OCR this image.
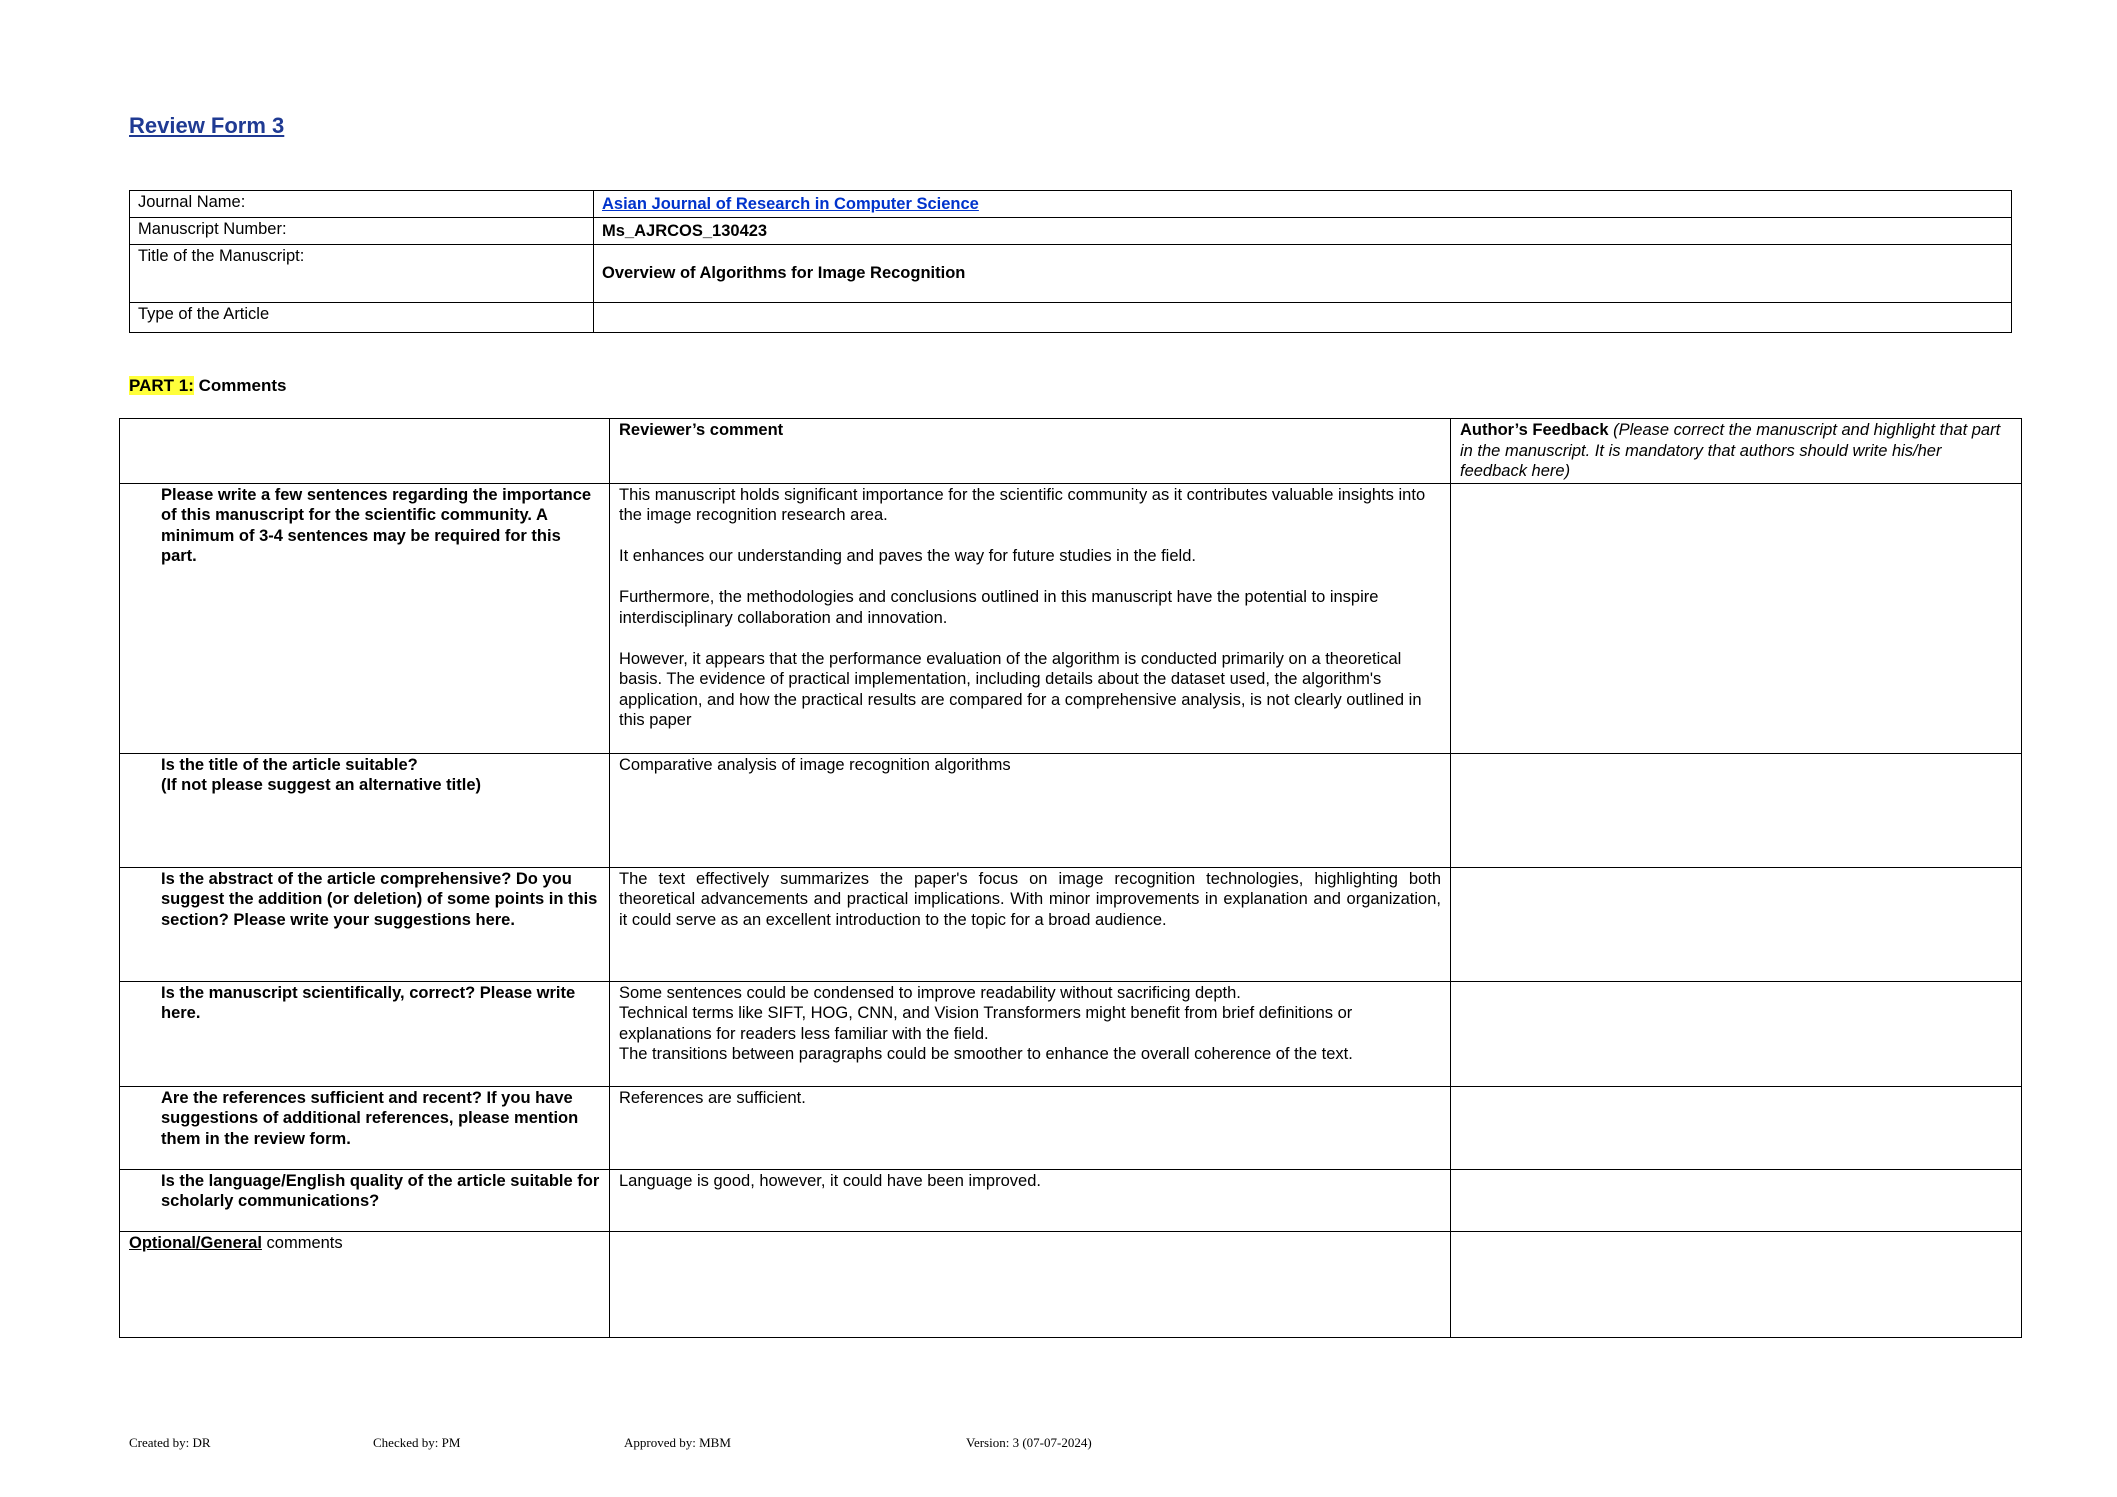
Review Form 3
Journal Name:	Asian Journal of Research in Computer Science
Manuscript Number:	Ms_AJRCOS_130423
Title of the Manuscript:	Overview of Algorithms for Image Recognition
Type of the Article	
PART 1: Comments
	Reviewer’s comment	Author’s Feedback (Please correct the manuscript and highlight that part in the manuscript. It is mandatory that authors should write his/her feedback here)
Please write a few sentences regarding the importance of this manuscript for the scientific community. A minimum of 3-4 sentences may be required for this part.	This manuscript holds significant importance for the scientific community as it contributes valuable insights into the image recognition research area.

It enhances our understanding and paves the way for future studies in the field.

Furthermore, the methodologies and conclusions outlined in this manuscript have the potential to inspire interdisciplinary collaboration and innovation.

However, it appears that the performance evaluation of the algorithm is conducted primarily on a theoretical basis. The evidence of practical implementation, including details about the dataset used, the algorithm's application, and how the practical results are compared for a comprehensive analysis, is not clearly outlined in this paper	

Is the title of the article suitable?
(If not please suggest an alternative title)	Comparative analysis of image recognition algorithms	
Is the abstract of the article comprehensive? Do you suggest the addition (or deletion) of some points in this section? Please write your suggestions here.	The text effectively summarizes the paper's focus on image recognition technologies, highlighting both theoretical advancements and practical implications. With minor improvements in explanation and organization, it could serve as an excellent introduction to the topic for a broad audience.	
Is the manuscript scientifically, correct? Please write here.	Some sentences could be condensed to improve readability without sacrificing depth.
Technical terms like SIFT, HOG, CNN, and Vision Transformers might benefit from brief definitions or explanations for readers less familiar with the field.
The transitions between paragraphs could be smoother to enhance the overall coherence of the text.	

Are the references sufficient and recent? If you have suggestions of additional references, please mention them in the review form.	References are sufficient.	
Is the language/English quality of the article suitable for scholarly communications?	Language is good, however, it could have been improved.	
Optional/General comments		
Created by: DR	Checked by: PM	Approved by: MBM	Version: 3 (07-07-2024)
